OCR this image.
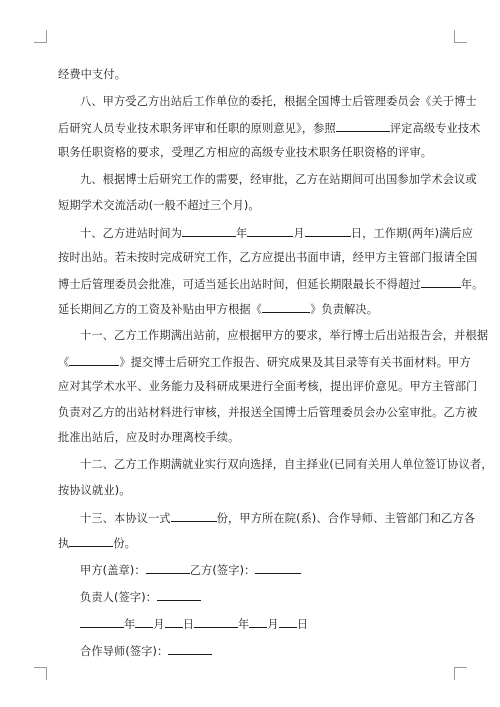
经费中支付。
八、甲方受乙方出站后工作单位的委托，根据全国博士后管理委员会《关于博士
后研究人员专业技术职务评审和任职的原则意见》，参照	评定高级专业技术
职务任职资格的要求，受理乙方相应的高级专业技术职务任职资格的评审。
九、根据博士后研究工作的需要，经审批，乙方在站期间可出国参加学术会议或
短期学术交流活动(一般不超过三个月)。
十、乙方进站时间为	年	月	日，工作期(两年)满后应
按时出站。若未按时完成研究工作，乙方应提出书面申请，经甲方主管部门报请全国
博士后管理委员会批准，可适当延长出站时间，但延长期限最长不得超过	年。
延长期间乙方的工资及补贴由甲方根据《	》负责解决。
十一、乙方工作期满出站前，应根据甲方的要求，举行博士后出站报告会，并根据
《	》提交博士后研究工作报告、研究成果及其目录等有关书面材料。甲方
应对其学术水平、业务能力及科研成果进行全面考核，提出评价意见。甲方主管部门
负责对乙方的出站材料进行审核，并报送全国博士后管理委员会办公室审批。乙方被
批准出站后，应及时办理离校手续。
十二、乙方工作期满就业实行双向选择，自主择业(已同有关用人单位签订协议者，
按协议就业)。
十三、本协议一式	份，甲方所在院(系)、合作导师、主管部门和乙方各
执	份。
甲方(盖章)：	乙方(签字)：
负责人(签字)：
年 月 日	年 月 日
合作导师(签字)：
